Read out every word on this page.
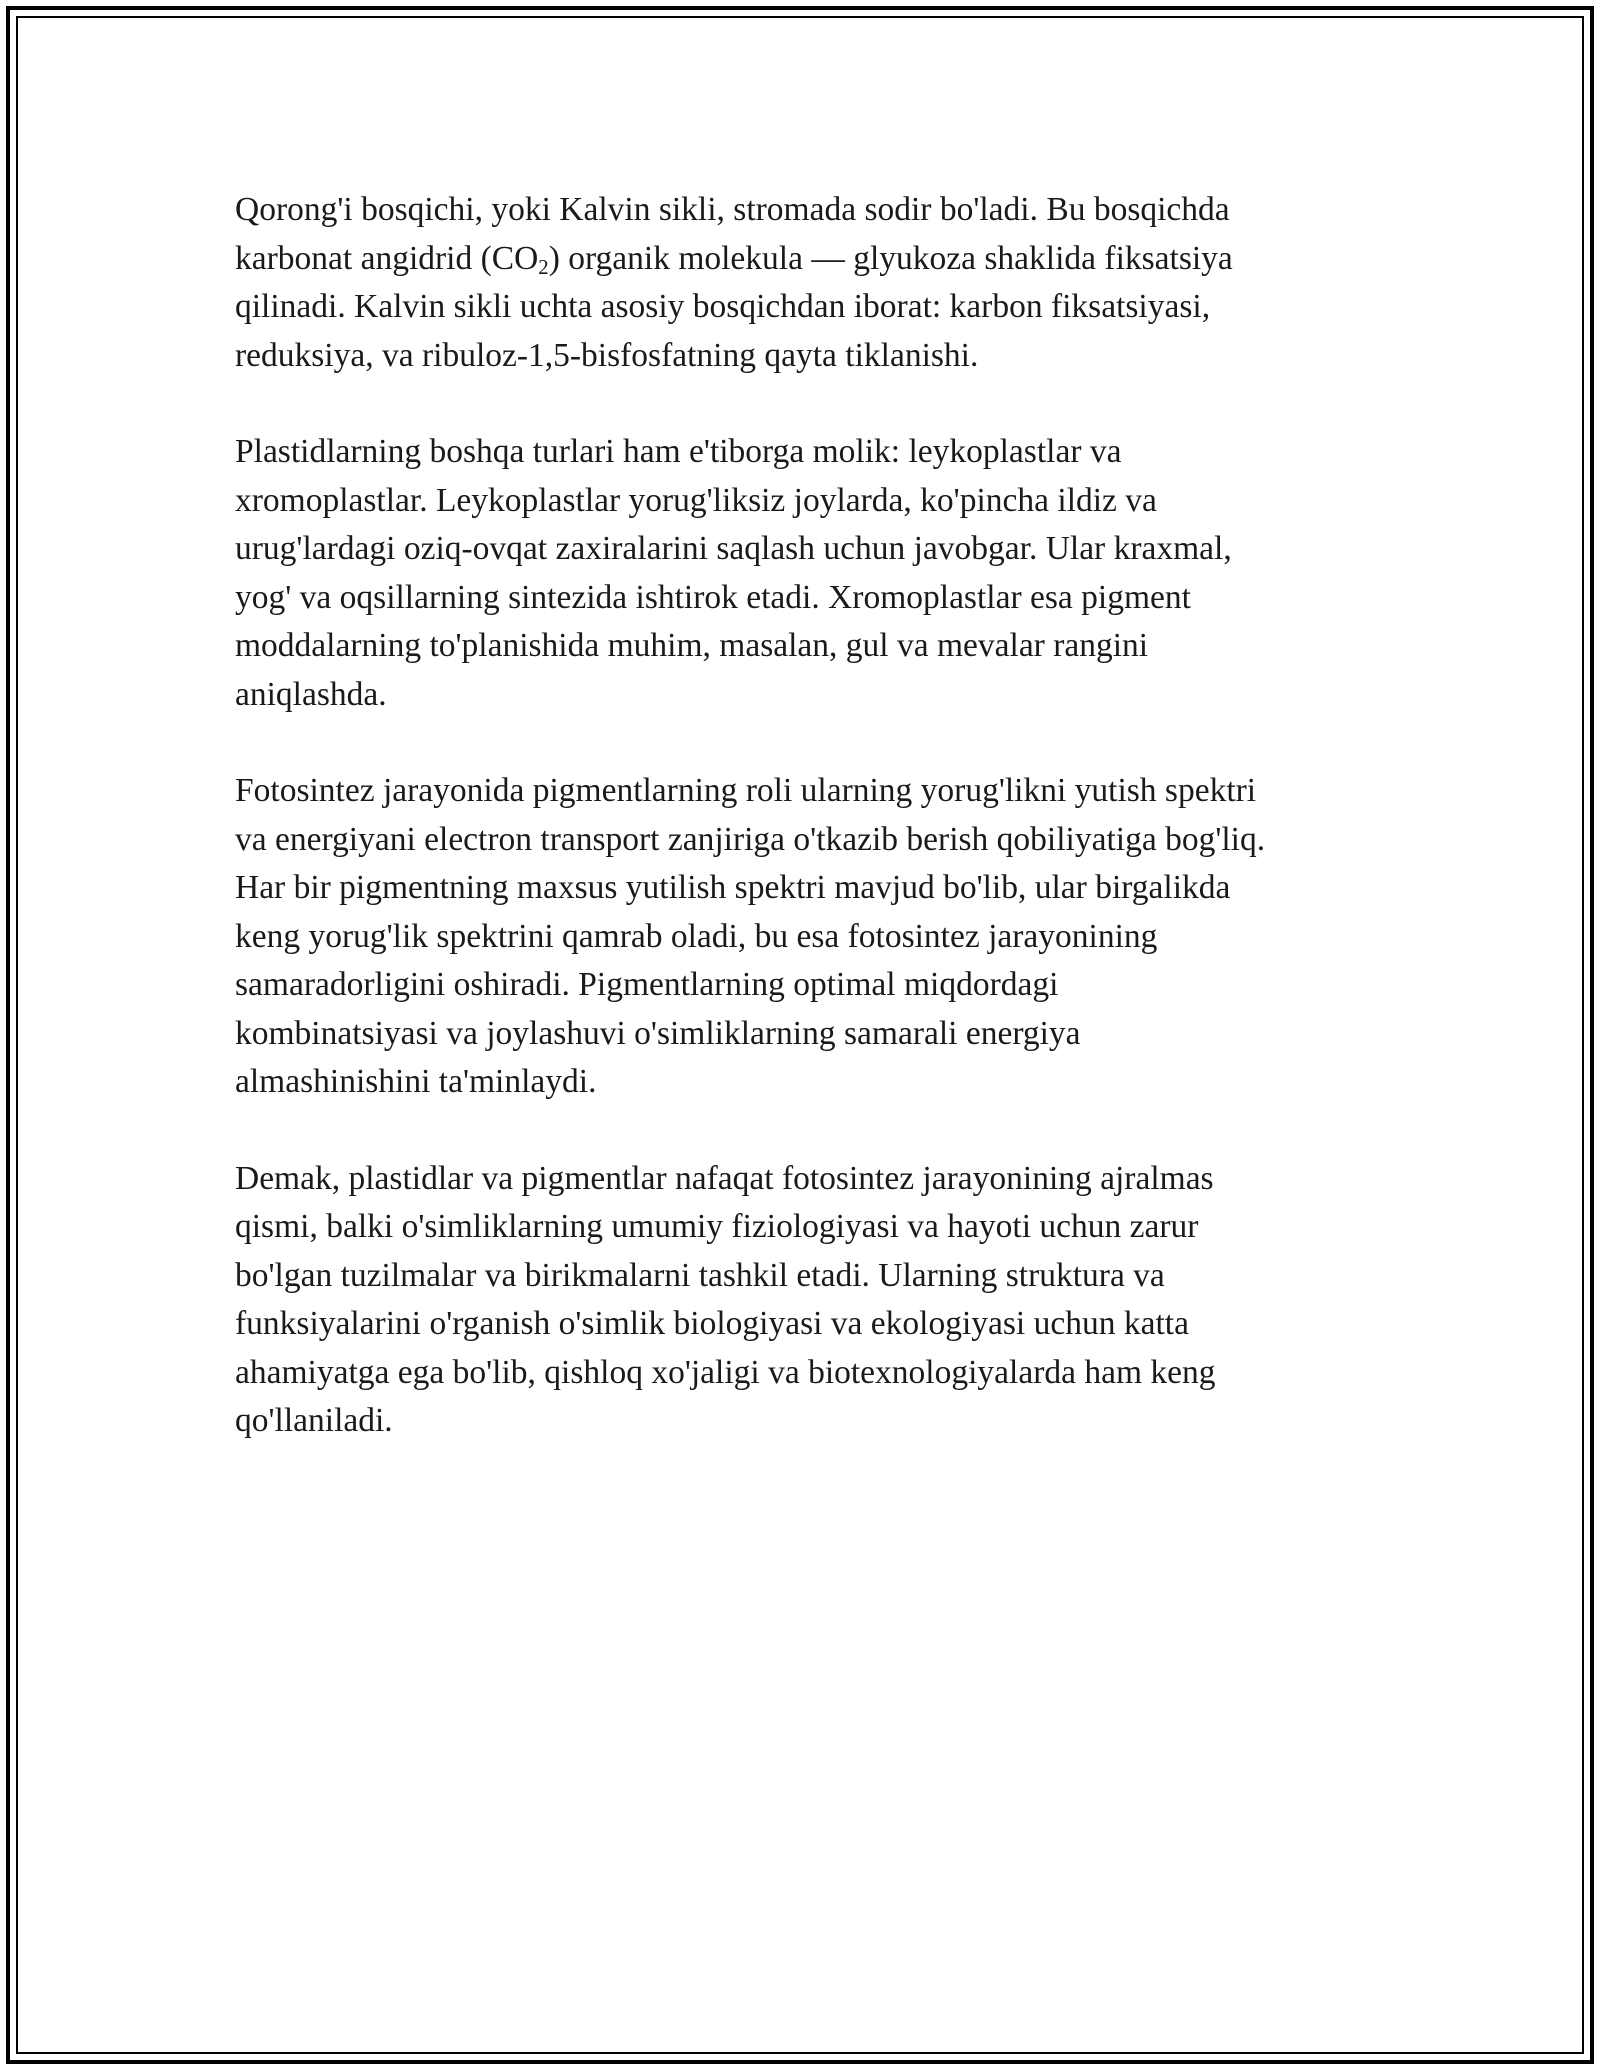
Qorong'i bosqichi, yoki Kalvin sikli, stromada sodir bo'ladi. Bu bosqichda
karbonat angidrid $(CO_2)$ organik molekula — glyukoza shaklida fiksatsiya
qilinadi. Kalvin sikli uchta asosiy bosqichdan iborat: karbon fiksatsiyasi,
reduksiya, va ribuloz-1,5-bisfosfatning qayta tiklanishi.

Plastidlarning boshqa turlari ham e'tiborga molik: leykoplastlar va
xromoplastlar. Leykoplastlar yorug'liksiz joylarda, ko'pincha ildiz va
urug'lardagi oziq-ovqat zaxiralarini saqlash uchun javobgar. Ular kraxmal,
yog' va oqsillarning sintezida ishtirok etadi. Xromoplastlar esa pigment
moddalarning to'planishida muhim, masalan, gul va mevalar rangini
aniqlashda.

Fotosintez jarayonida pigmentlarning roli ularning yorug'likni yutish spektri
va energiyani electron transport zanjiriga o'tkazib berish qobiliyatiga bog'liq.
Har bir pigmentning maxsus yutilish spektri mavjud bo'lib, ular birgalikda
keng yorug'lik spektrini qamrab oladi, bu esa fotosintez jarayonining
samaradorligini oshiradi. Pigmentlarning optimal miqdordagi
kombinatsiyasi va joylashuvi o'simliklarning samarali energiya
almashinishini ta'minlaydi.

Demak, plastidlar va pigmentlar nafaqat fotosintez jarayonining ajralmas
qismi, balki o'simliklarning umumiy fiziologiyasi va hayoti uchun zarur
bo'lgan tuzilmalar va birikmalarni tashkil etadi. Ularning struktura va
funksiyalarini o'rganish o'simlik biologiyasi va ekologiyasi uchun katta
ahamiyatga ega bo'lib, qishloq xo'jaligi va biotexnologiyalarda ham keng
qo'llaniladi.
